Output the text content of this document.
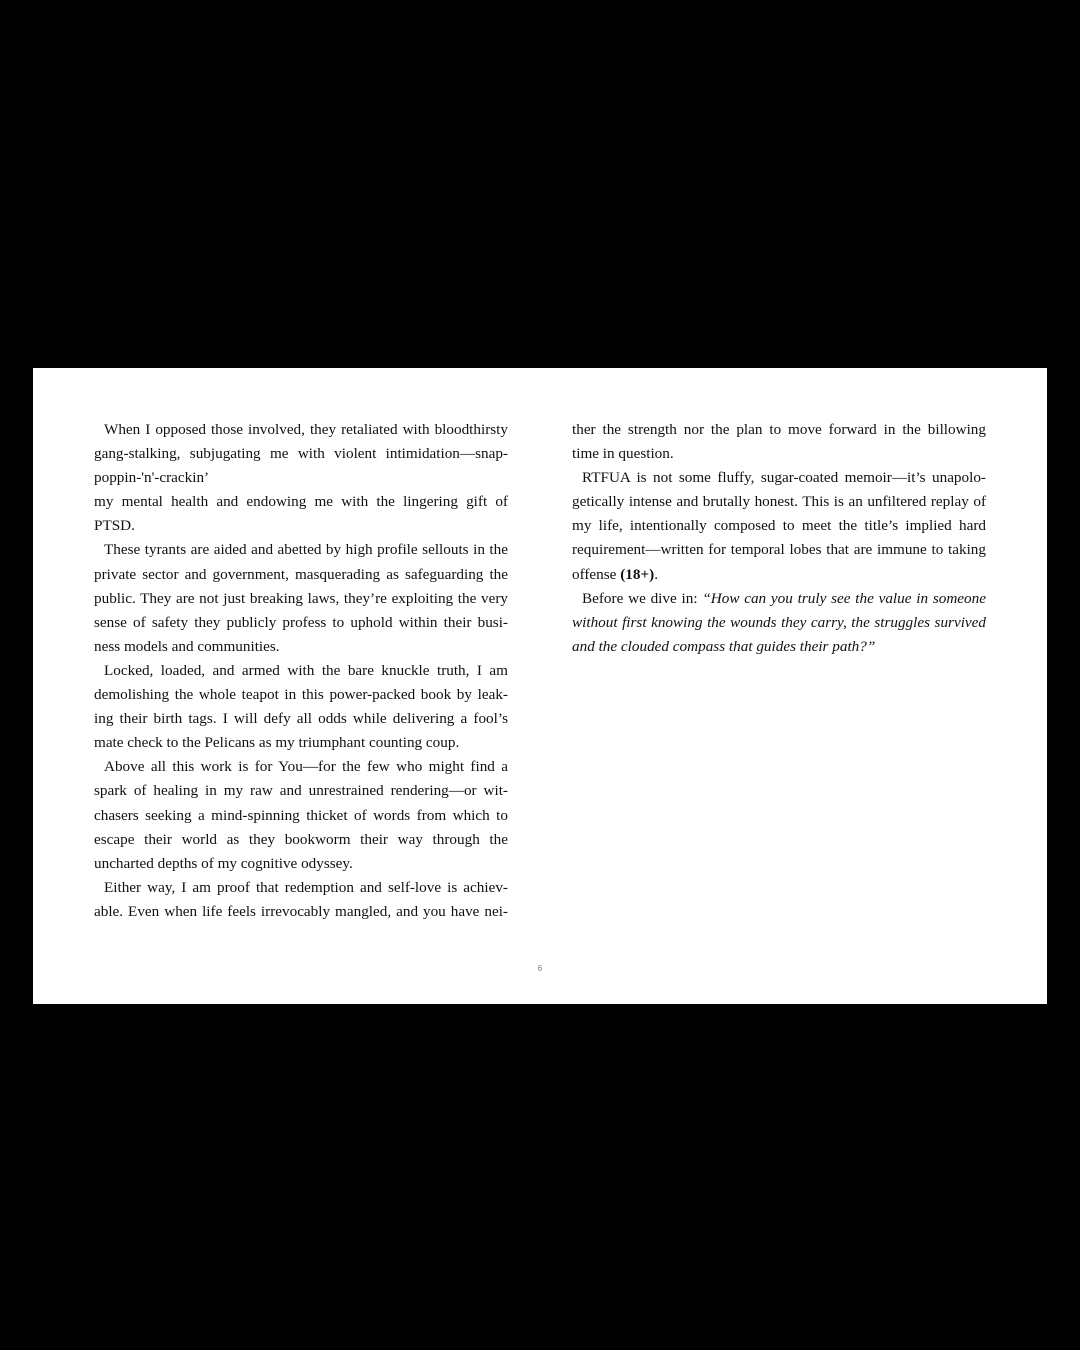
When I opposed those involved, they retaliated with bloodthirsty
gang-stalking, subjugating me with violent intimidation—snap-
poppin-'n'-crackin’
my mental health and endowing me with the lingering gift of
PTSD.
These tyrants are aided and abetted by high profile sellouts in the
private sector and government, masquerading as safeguarding the
public. They are not just breaking laws, they’re exploiting the very
sense of safety they publicly profess to uphold within their busi-
ness models and communities.
Locked, loaded, and armed with the bare knuckle truth, I am
demolishing the whole teapot in this power-packed book by leak-
ing their birth tags. I will defy all odds while delivering a fool’s
mate check to the Pelicans as my triumphant counting coup.
Above all this work is for You—for the few who might find a
spark of healing in my raw and unrestrained rendering—or wit-
chasers seeking a mind-spinning thicket of words from which to
escape their world as they bookworm their way through the
uncharted depths of my cognitive odyssey.
Either way, I am proof that redemption and self-love is achiev-
able. Even when life feels irrevocably mangled, and you have nei-
ther the strength nor the plan to move forward in the billowing
time in question.
RTFUA is not some fluffy, sugar-coated memoir—it’s unapolo-
getically intense and brutally honest. This is an unfiltered replay of
my life, intentionally composed to meet the title’s implied hard
requirement—written for temporal lobes that are immune to taking
offense (18+).
Before we dive in: “How can you truly see the value in someone
without first knowing the wounds they carry, the struggles survived
and the clouded compass that guides their path?”
6
